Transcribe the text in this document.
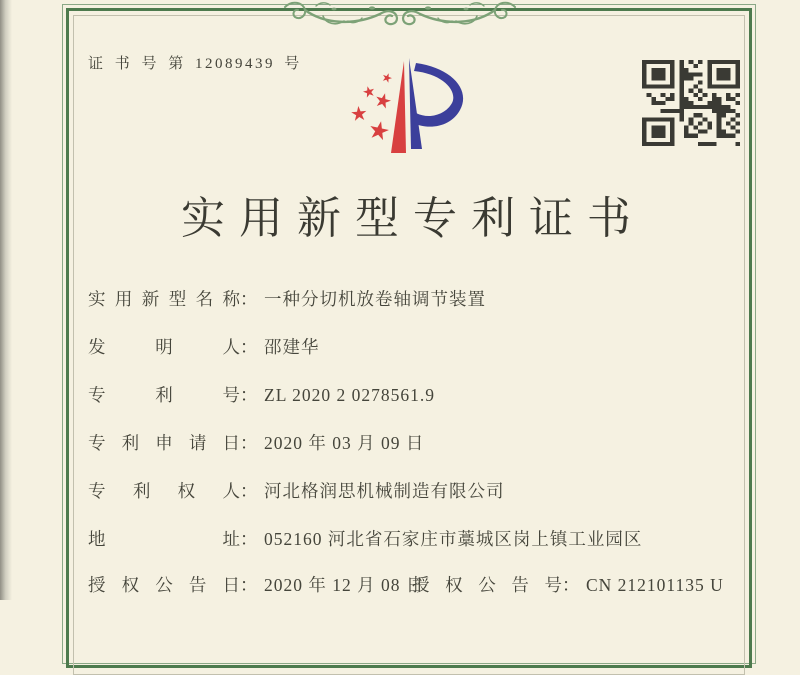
证 书 号 第 12089439 号
实用新型专利证书
实用新型名称： 一种分切机放卷轴调节装置
发明人： 邵建华
专利号： ZL 2020 2 0278561.9
专利申请日： 2020 年 03 月 09 日
专利权人： 河北格润思机械制造有限公司
地址： 052160 河北省石家庄市藁城区岗上镇工业园区
授权公告日： 2020 年 12 月 08 日
授权公告号： CN 212101135 U
